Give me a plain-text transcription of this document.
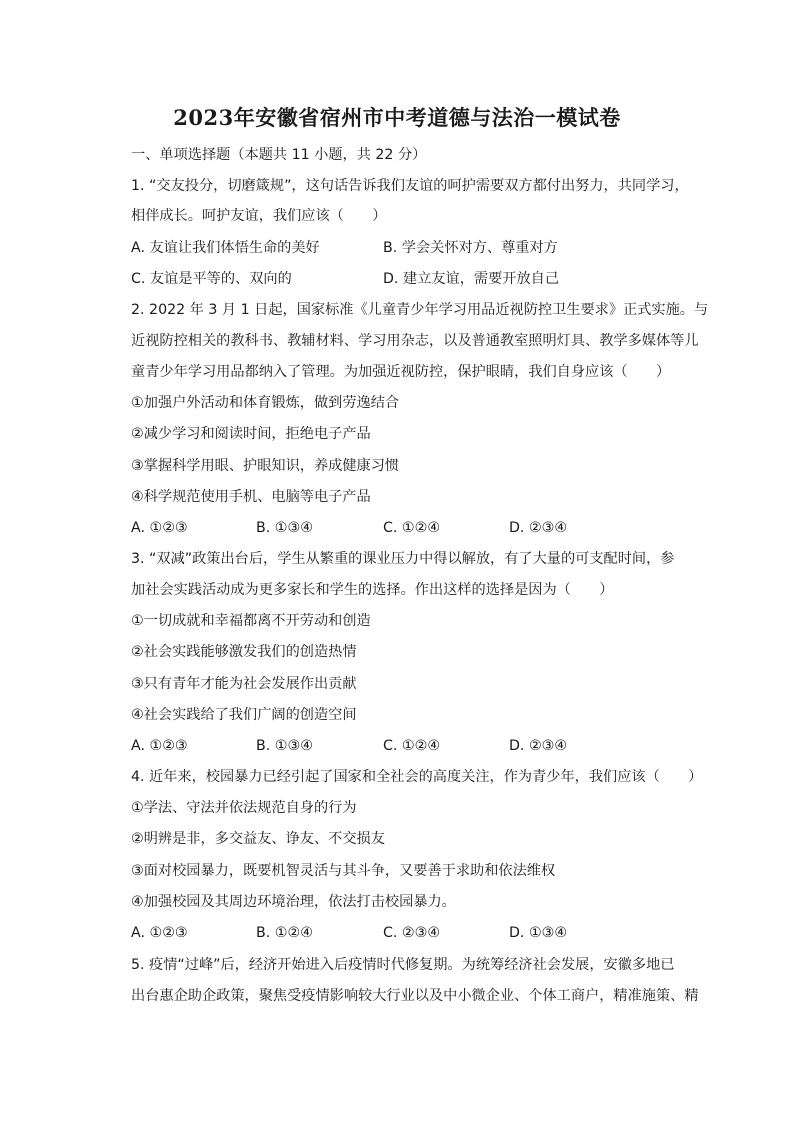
2023年安徽省宿州市中考道德与法治一模试卷
一、单项选择题（本题共 11 小题，共 22 分）
1. “交友投分，切磨箴规”，这句话告诉我们友谊的呵护需要双方都付出努力，共同学习，
相伴成长。呵护友谊，我们应该（　　）
A. 友谊让我们体悟生命的美好	B. 学会关怀对方、尊重对方
C. 友谊是平等的、双向的	D. 建立友谊，需要开放自己
2. 2022 年 3 月 1 日起，国家标准《儿童青少年学习用品近视防控卫生要求》正式实施。与
近视防控相关的教科书、教辅材料、学习用杂志，以及普通教室照明灯具、教学多媒体等儿
童青少年学习用品都纳入了管理。为加强近视防控，保护眼睛，我们自身应该（　　）
①加强户外活动和体育锻炼，做到劳逸结合
②减少学习和阅读时间，拒绝电子产品
③掌握科学用眼、护眼知识，养成健康习惯
④科学规范使用手机、电脑等电子产品
A. ①②③	B. ①③④	C. ①②④	D. ②③④
3. “双减”政策出台后，学生从繁重的课业压力中得以解放，有了大量的可支配时间，参
加社会实践活动成为更多家长和学生的选择。作出这样的选择是因为（　　）
①一切成就和幸福都离不开劳动和创造
②社会实践能够激发我们的创造热情
③只有青年才能为社会发展作出贡献
④社会实践给了我们广阔的创造空间
A. ①②③	B. ①③④	C. ①②④	D. ②③④
4. 近年来，校园暴力已经引起了国家和全社会的高度关注，作为青少年，我们应该（　　）
①学法、守法并依法规范自身的行为
②明辨是非，多交益友、诤友、不交损友
③面对校园暴力，既要机智灵活与其斗争，又要善于求助和依法维权
④加强校园及其周边环境治理，依法打击校园暴力。
A. ①②③	B. ①②④	C. ②③④	D. ①③④
5. 疫情“过峰”后，经济开始进入后疫情时代修复期。为统筹经济社会发展，安徽多地已
出台惠企助企政策，聚焦受疫情影响较大行业以及中小微企业、个体工商户，精准施策、精
